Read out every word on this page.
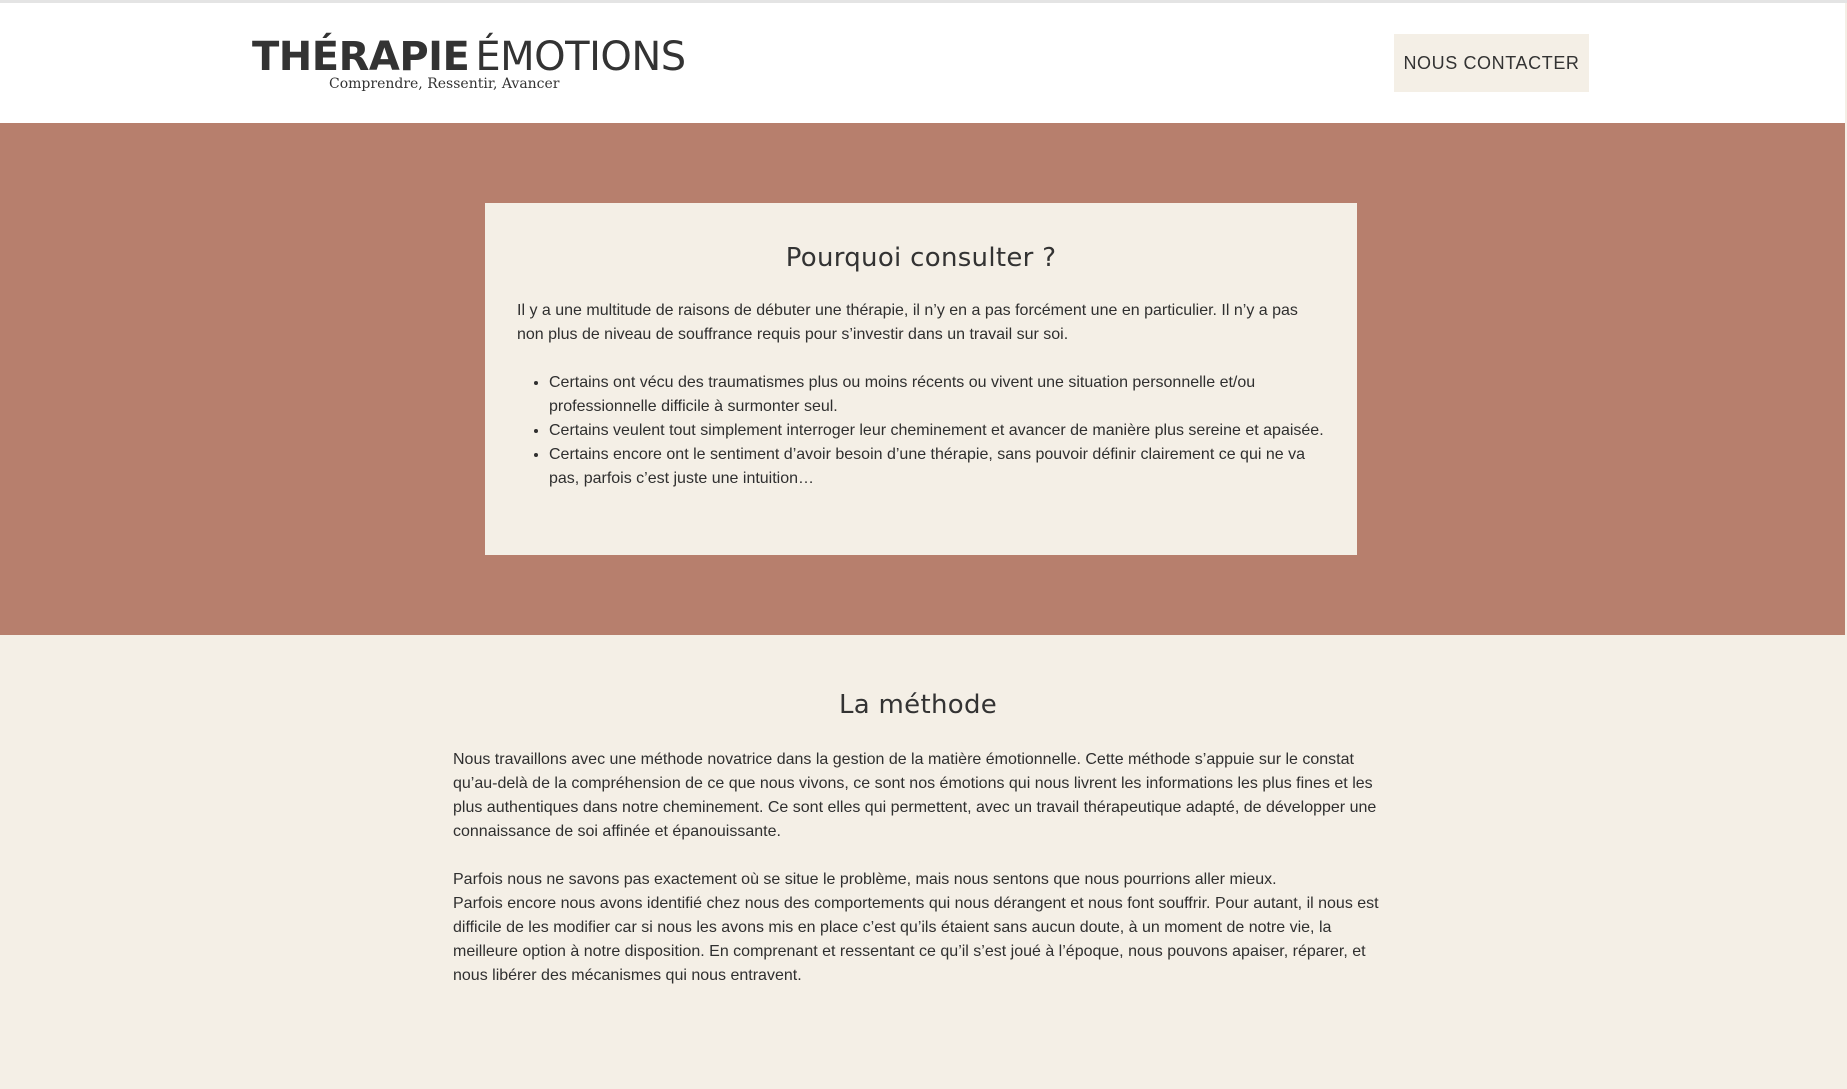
THÉRAPIE ÉMOTIONS
Comprendre, Ressentir, Avancer
NOUS CONTACTER
Pourquoi consulter ?

Il y a une multitude de raisons de débuter une thérapie, il n’y en a pas forcément une en particulier. Il n’y a pas non plus de niveau de souffrance requis pour s’investir dans un travail sur soi.

• Certains ont vécu des traumatismes plus ou moins récents ou vivent une situation personnelle et/ou professionnelle difficile à surmonter seul.
• Certains veulent tout simplement interroger leur cheminement et avancer de manière plus sereine et apaisée.
• Certains encore ont le sentiment d’avoir besoin d’une thérapie, sans pouvoir définir clairement ce qui ne va pas, parfois c’est juste une intuition…
La méthode

Nous travaillons avec une méthode novatrice dans la gestion de la matière émotionnelle. Cette méthode s’appuie sur le constat qu’au-delà de la compréhension de ce que nous vivons, ce sont nos émotions qui nous livrent les informations les plus fines et les plus authentiques dans notre cheminement. Ce sont elles qui permettent, avec un travail thérapeutique adapté, de développer une connaissance de soi affinée et épanouissante.

Parfois nous ne savons pas exactement où se situe le problème, mais nous sentons que nous pourrions aller mieux.

Parfois encore nous avons identifié chez nous des comportements qui nous dérangent et nous font souffrir. Pour autant, il nous est difficile de les modifier car si nous les avons mis en place c’est qu’ils étaient sans aucun doute, à un moment de notre vie, la meilleure option à notre disposition. En comprenant et ressentant ce qu’il s’est joué à l’époque, nous pouvons apaiser, réparer, et nous libérer des mécanismes qui nous entravent.
